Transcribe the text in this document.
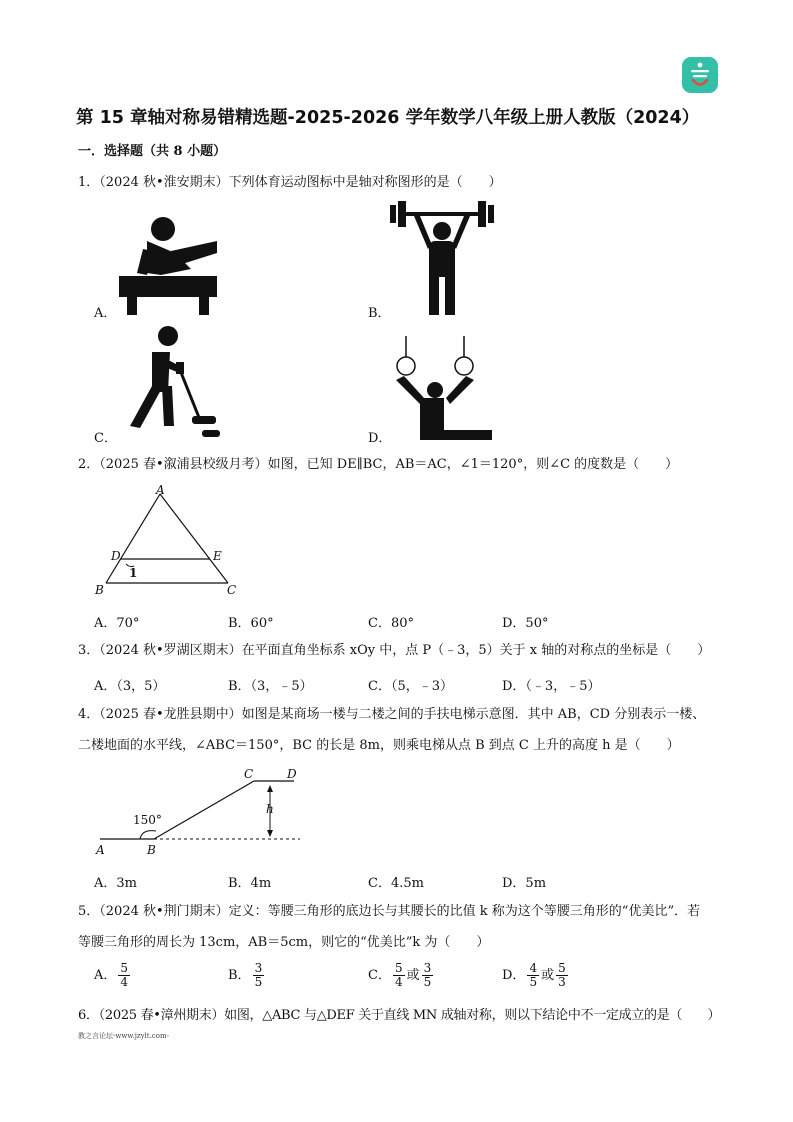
第 15 章轴对称易错精选题-2025-2026 学年数学八年级上册人教版（2024）
一．选择题（共 8 小题）
1．（2024 秋•淮安期末）下列体育运动图标中是轴对称图形的是（　　）
A．	B．
C．	D．
2．（2025 春•溆浦县校级月考）如图，已知 DE∥BC，AB＝AC，∠1＝120°，则∠C 的度数是（　　）
A
D	E
1
B	C
A．70°	B．60°	C．80°	D．50°
3．（2024 秋•罗湖区期末）在平面直角坐标系 xOy 中，点 P（﹣3，5）关于 x 轴的对称点的坐标是（　　）
A．（3，5）	B．（3，﹣5）	C．（5，﹣3）	D．（﹣3，﹣5）
4．（2025 春•龙胜县期中）如图是某商场一楼与二楼之间的手扶电梯示意图．其中 AB，CD 分别表示一楼、
二楼地面的水平线，∠ABC＝150°，BC 的长是 8m，则乘电梯从点 B 到点 C 上升的高度 h 是（　　）
C	D
h
150°
A	B
A．3m	B．4m	C．4.5m	D．5m
5．（2024 秋•荆门期末）定义：等腰三角形的底边长与其腰长的比值 k 称为这个等腰三角形的“优美比”．若
等腰三角形的周长为 13cm，AB＝5cm，则它的“优美比”k 为（　　）
A． $\frac{5}{4}$	B． $\frac{3}{5}$	C． $\frac{5}{4}$ 或 $\frac{3}{5}$	D． $\frac{4}{5}$ 或 $\frac{5}{3}$
6．（2025 春•漳州期末）如图，△ABC 与△DEF 关于直线 MN 成轴对称，则以下结论中不一定成立的是（　　）
教之言论坛-www.jzylt.com-
